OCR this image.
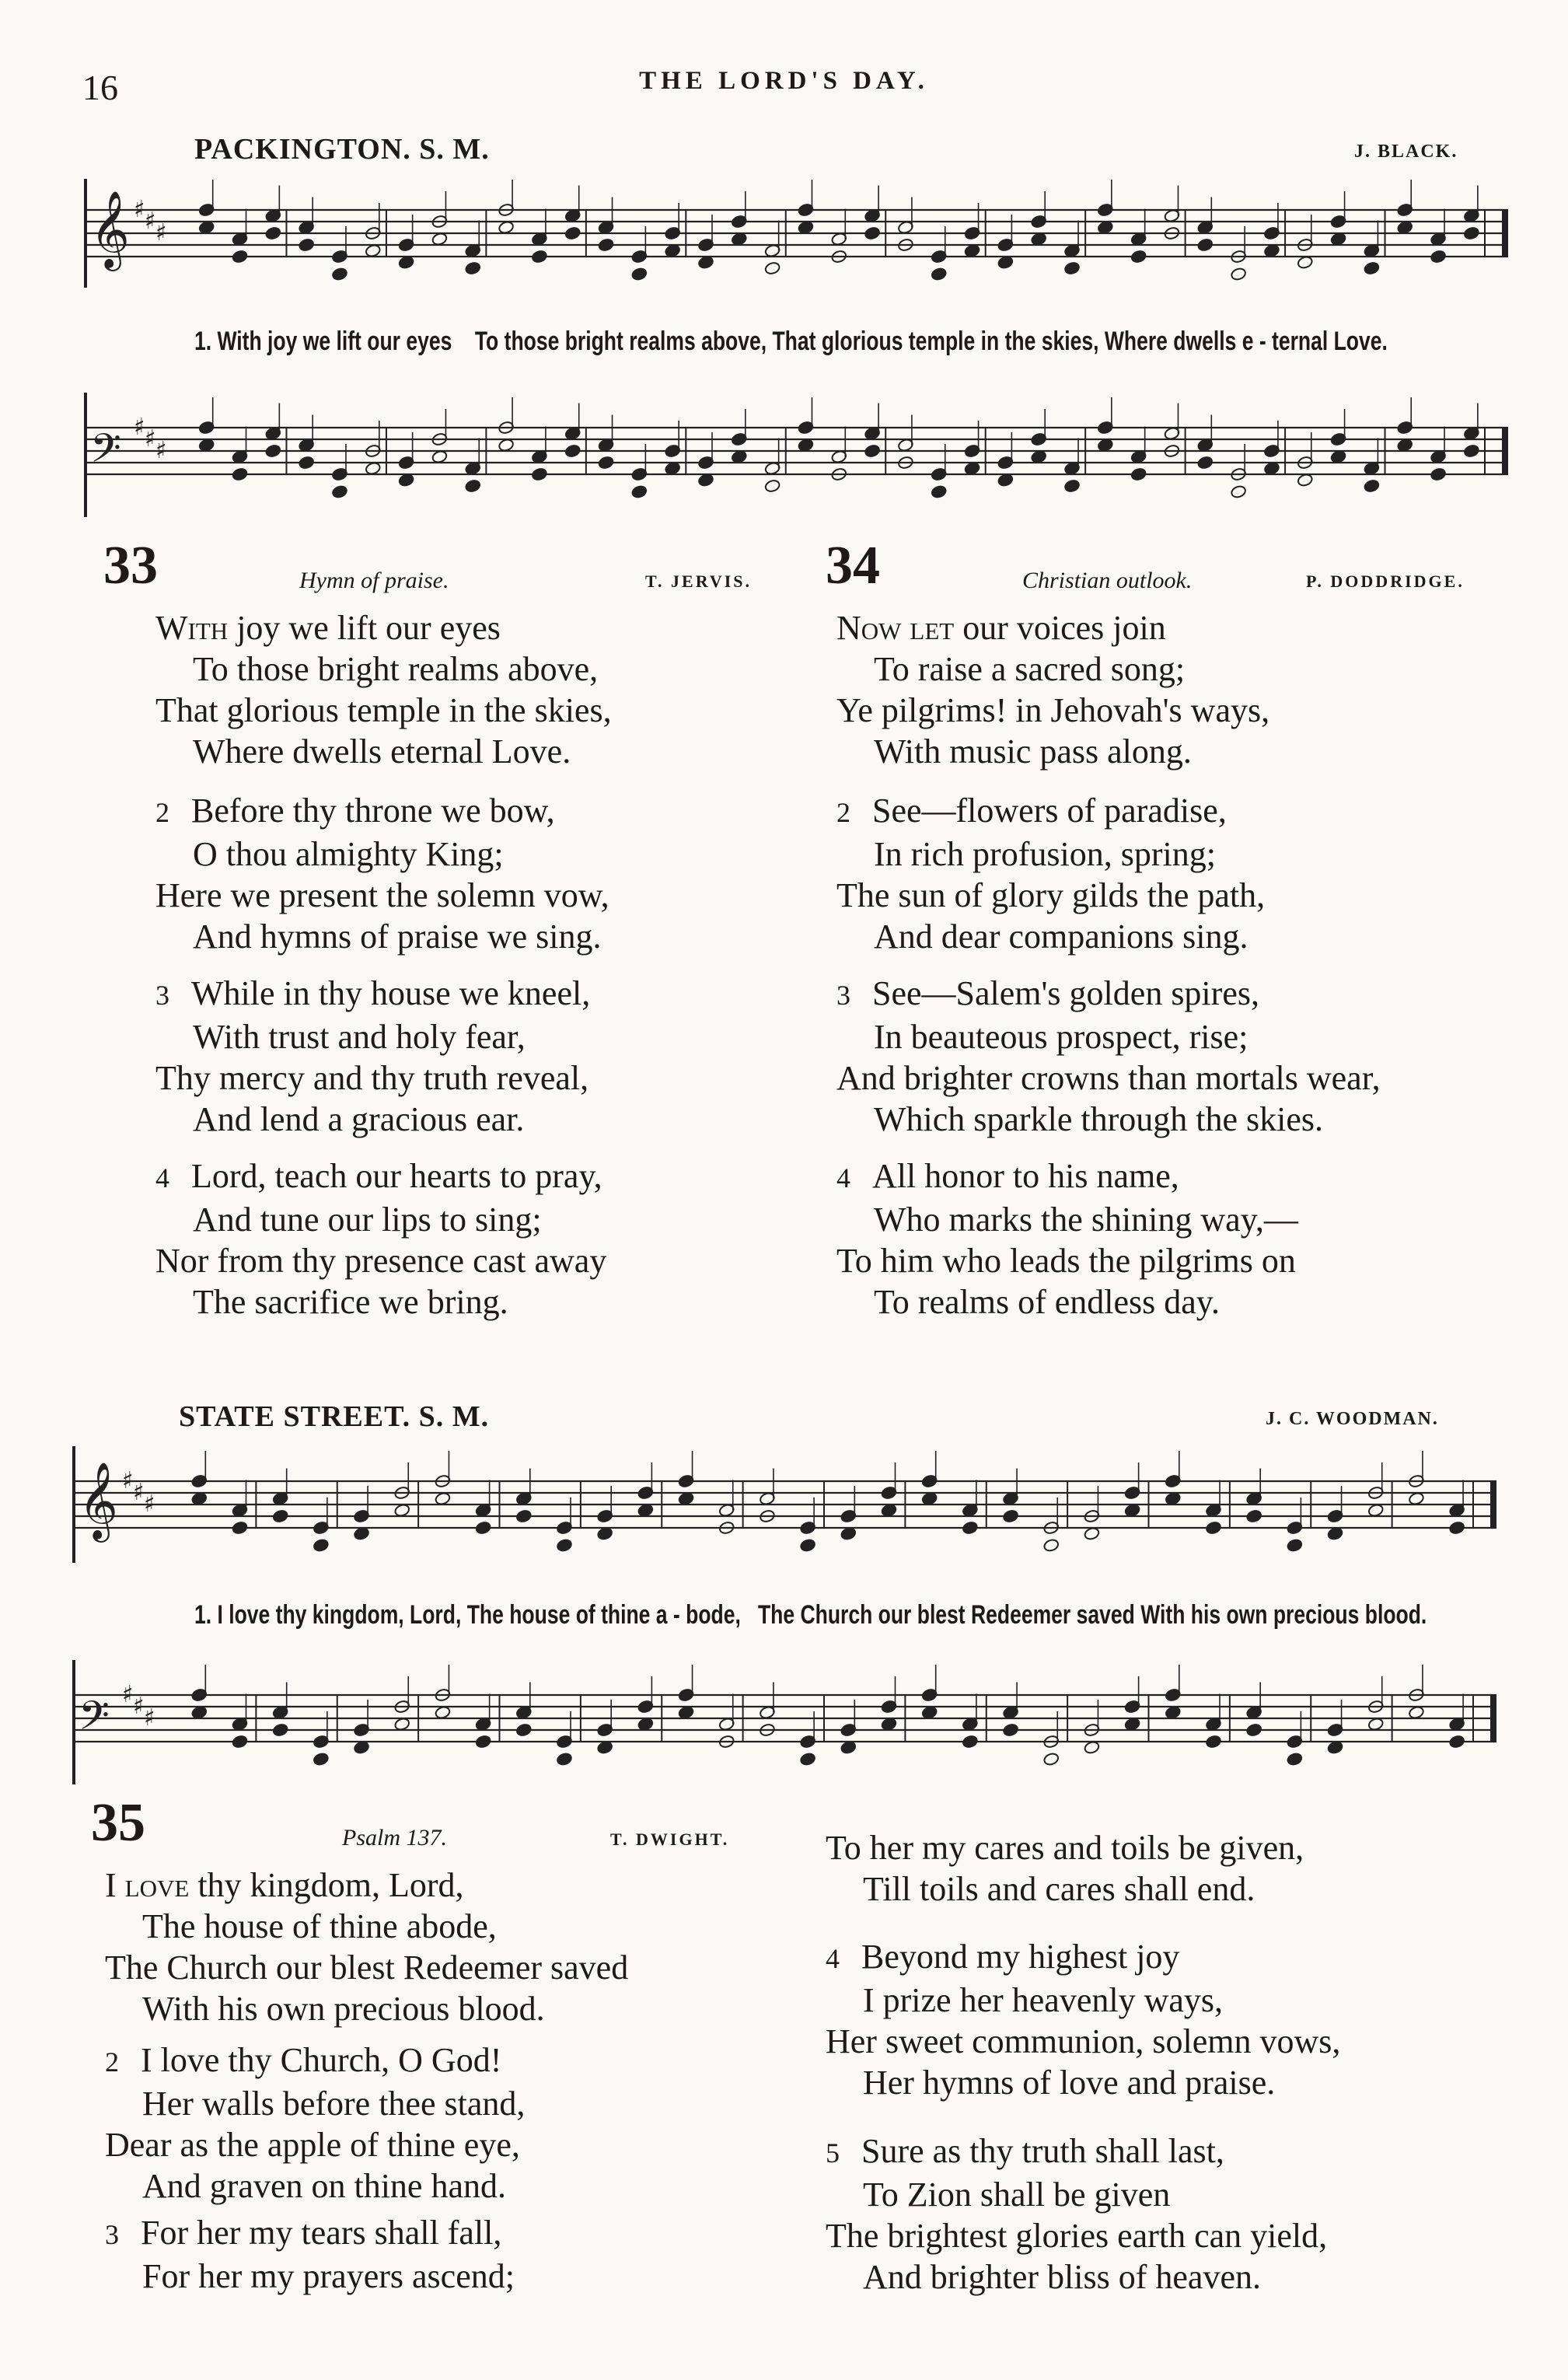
16	THE LORD'S DAY.
PACKINGTON. S. M.	J. BLACK.
𝄞 ♯ ♯ ♯
1. With joy we lift our eyes To those bright realms above, That glorious temple in the skies, Where dwells e - ternal Love.
𝄢 ♯ ♯ ♯
33	Hymn of praise.	T. JERVIS.
With joy we lift our eyes
To those bright realms above,
That glorious temple in the skies,
Where dwells eternal Love.
2 Before thy throne we bow,
O thou almighty King;
Here we present the solemn vow,
And hymns of praise we sing.
3 While in thy house we kneel,
With trust and holy fear,
Thy mercy and thy truth reveal,
And lend a gracious ear.
4 Lord, teach our hearts to pray,
And tune our lips to sing;
Nor from thy presence cast away
The sacrifice we bring.
34	Christian outlook.	P. DODDRIDGE.
Now let our voices join
To raise a sacred song;
Ye pilgrims! in Jehovah's ways,
With music pass along.
2 See—flowers of paradise,
In rich profusion, spring;
The sun of glory gilds the path,
And dear companions sing.
3 See—Salem's golden spires,
In beauteous prospect, rise;
And brighter crowns than mortals wear,
Which sparkle through the skies.
4 All honor to his name,
Who marks the shining way,—
To him who leads the pilgrims on
To realms of endless day.
STATE STREET. S. M.	J. C. WOODMAN.
𝄞 ♯ ♯ ♯
1. I love thy kingdom, Lord, The house of thine a - bode, The Church our blest Redeemer saved With his own precious blood.
𝄢 ♯ ♯ ♯
35	Psalm 137.	T. DWIGHT.
I love thy kingdom, Lord,
The house of thine abode,
The Church our blest Redeemer saved
With his own precious blood.
2 I love thy Church, O God!
Her walls before thee stand,
Dear as the apple of thine eye,
And graven on thine hand.
3 For her my tears shall fall,
For her my prayers ascend;
To her my cares and toils be given,
Till toils and cares shall end.
4 Beyond my highest joy
I prize her heavenly ways,
Her sweet communion, solemn vows,
Her hymns of love and praise.
5 Sure as thy truth shall last,
To Zion shall be given
The brightest glories earth can yield,
And brighter bliss of heaven.
